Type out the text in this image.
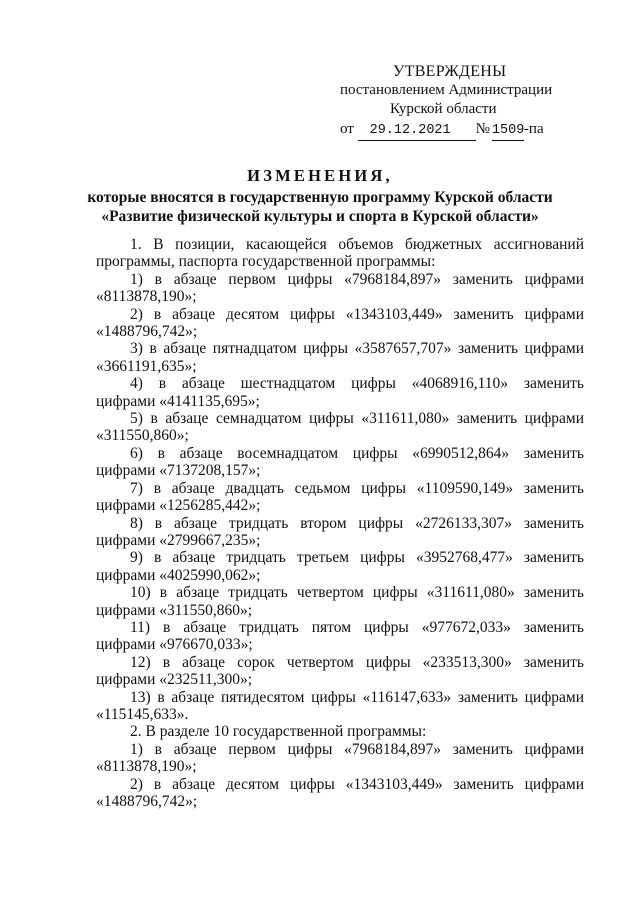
УТВЕРЖДЕНЫ
постановлением Администрации
Курской области
от 29.12.2021 № 1509-па
ИЗМЕНЕНИЯ,
которые вносятся в государственную программу Курской области
«Развитие физической культуры и спорта в Курской области»

1. В позиции, касающейся объемов бюджетных ассигнований

программы, паспорта государственной программы:

1) в абзаце первом цифры «7968184,897» заменить цифрами

«8113878,190»;

2) в абзаце десятом цифры «1343103,449» заменить цифрами

«1488796,742»;

3) в абзаце пятнадцатом цифры «3587657,707» заменить цифрами

«3661191,635»;

4) в абзаце шестнадцатом цифры «4068916,110» заменить

цифрами «4141135,695»;

5) в абзаце семнадцатом цифры «311611,080» заменить цифрами

«311550,860»;

6) в абзаце восемнадцатом цифры «6990512,864» заменить

цифрами «7137208,157»;

7) в абзаце двадцать седьмом цифры «1109590,149» заменить

цифрами «1256285,442»;

8) в абзаце тридцать втором цифры «2726133,307» заменить

цифрами «2799667,235»;

9) в абзаце тридцать третьем цифры «3952768,477» заменить

цифрами «4025990,062»;

10) в абзаце тридцать четвертом цифры «311611,080» заменить

цифрами «311550,860»;

11) в абзаце тридцать пятом цифры «977672,033» заменить

цифрами «976670,033»;

12) в абзаце сорок четвертом цифры «233513,300» заменить

цифрами «232511,300»;

13) в абзаце пятидесятом цифры «116147,633» заменить цифрами

«115145,633».

2. В разделе 10 государственной программы:

1) в абзаце первом цифры «7968184,897» заменить цифрами

«8113878,190»;

2) в абзаце десятом цифры «1343103,449» заменить цифрами

«1488796,742»;
